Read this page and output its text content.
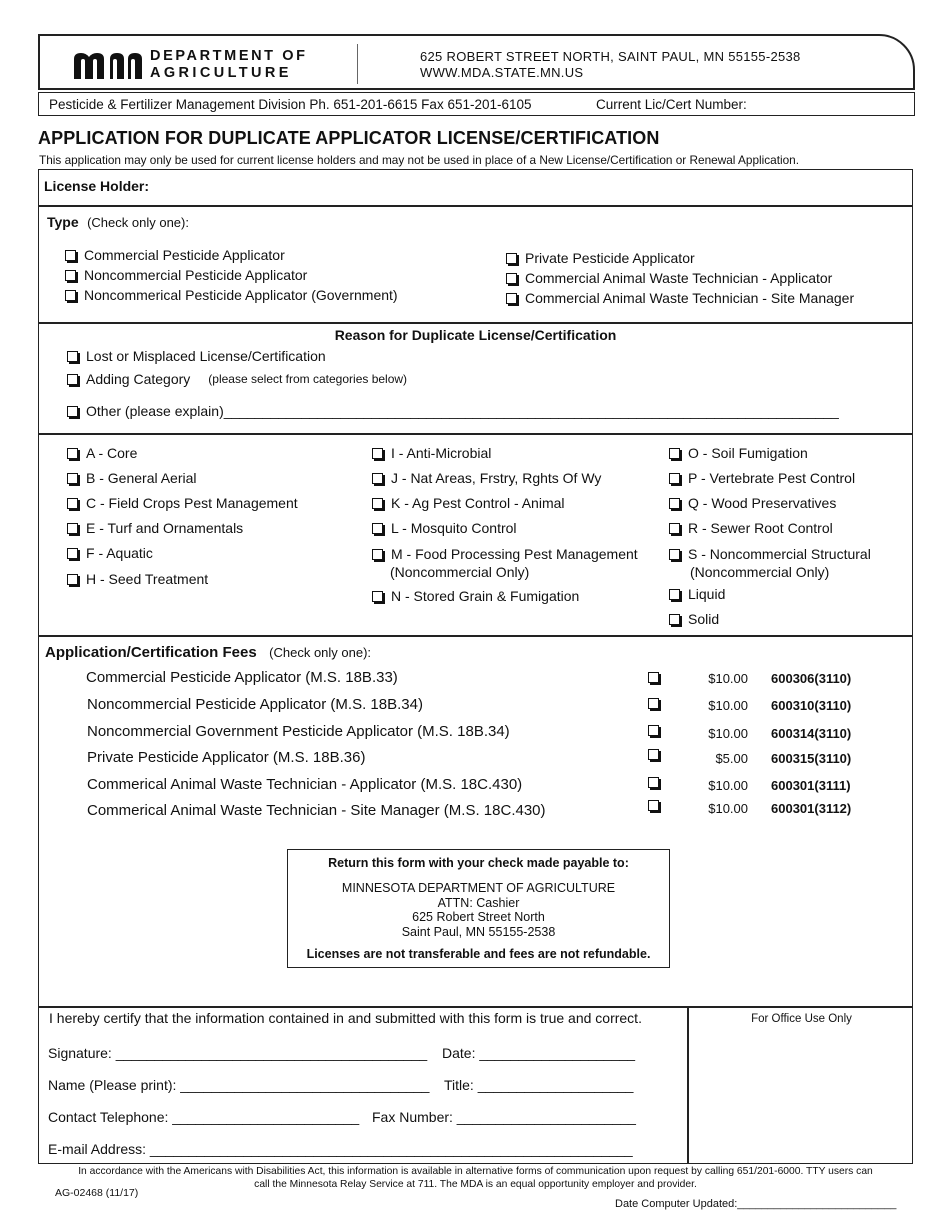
DEPARTMENT OF
AGRICULTURE
625 ROBERT STREET NORTH, SAINT PAUL, MN 55155-2538
WWW.MDA.STATE.MN.US
Pesticide & Fertilizer Management Division Ph. 651-201-6615 Fax 651-201-6105	Current Lic/Cert Number:
APPLICATION FOR DUPLICATE APPLICATOR LICENSE/CERTIFICATION
This application may only be used for current license holders and may not be used in place of a New License/Certification or Renewal Application.
License Holder:
Type (Check only one):
Commercial Pesticide Applicator
Noncommercial Pesticide Applicator
Noncommerical Pesticide Applicator (Government)
Private Pesticide Applicator
Commercial Animal Waste Technician - Applicator
Commercial Animal Waste Technician - Site Manager
Reason for Duplicate License/Certification
Lost or Misplaced License/Certification
Adding Category (please select from categories below)
Other (please explain)_______________________________________________________________________________
A - Core
B - General Aerial
C - Field Crops Pest Management
E - Turf and Ornamentals
F - Aquatic
H - Seed Treatment
I - Anti-Microbial
J - Nat Areas, Frstry, Rghts Of Wy
K - Ag Pest Control - Animal
L - Mosquito Control
M - Food Processing Pest Management
(Noncommercial Only)
N - Stored Grain & Fumigation
O - Soil Fumigation
P - Vertebrate Pest Control
Q - Wood Preservatives
R - Sewer Root Control
S - Noncommercial Structural
(Noncommercial Only)
Liquid
Solid
Application/Certification Fees (Check only one):
Commercial Pesticide Applicator (M.S. 18B.33)	$10.00 600306(3110)
Noncommercial Pesticide Applicator (M.S. 18B.34)	$10.00 600310(3110)
Noncommercial Government Pesticide Applicator (M.S. 18B.34)	$10.00 600314(3110)
Private Pesticide Applicator (M.S. 18B.36)	$5.00 600315(3110)
Commerical Animal Waste Technician - Applicator (M.S. 18C.430)	$10.00 600301(3111)
Commerical Animal Waste Technician - Site Manager (M.S. 18C.430)	$10.00 600301(3112)
Return this form with your check made payable to:
MINNESOTA DEPARTMENT OF AGRICULTURE
ATTN: Cashier
625 Robert Street North
Saint Paul, MN 55155-2538
Licenses are not transferable and fees are not refundable.
I hereby certify that the information contained in and submitted with this form is true and correct.	For Office Use Only
Signature: ________________________________________ Date: ____________________
Name (Please print): ________________________________ Title: ____________________
Contact Telephone: ________________________ Fax Number: _______________________
E-mail Address: ______________________________________________________________
In accordance with the Americans with Disabilities Act, this information is available in alternative forms of communication upon request by calling 651/201-6000. TTY users can
call the Minnesota Relay Service at 711. The MDA is an equal opportunity employer and provider.
AG-02468 (11/17)
Date Computer Updated:__________________________
